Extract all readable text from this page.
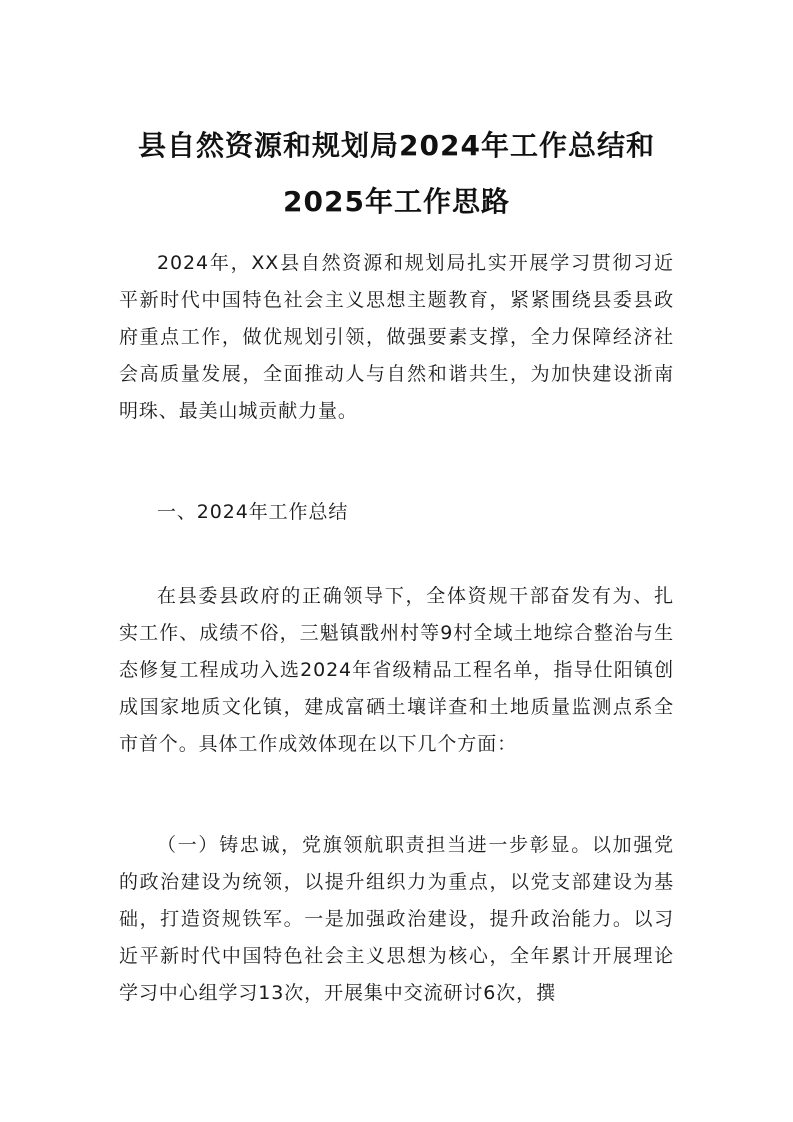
县自然资源和规划局2024年工作总结和
2025年工作思路

2024年，XX县自然资源和规划局扎实开展学习贯彻习近平新时代中国特色社会主义思想主题教育，紧紧围绕县委县政府重点工作，做优规划引领，做强要素支撑，全力保障经济社会高质量发展，全面推动人与自然和谐共生，为加快建设浙南明珠、最美山城贡献力量。

一、2024年工作总结

在县委县政府的正确领导下，全体资规干部奋发有为、扎实工作、成绩不俗，三魁镇戬州村等9村全域土地综合整治与生态修复工程成功入选2024年省级精品工程名单，指导仕阳镇创成国家地质文化镇，建成富硒土壤详查和土地质量监测点系全市首个。具体工作成效体现在以下几个方面：

（一）铸忠诚，党旗领航职责担当进一步彰显。以加强党的政治建设为统领，以提升组织力为重点，以党支部建设为基础，打造资规铁军。一是加强政治建设，提升政治能力。以习近平新时代中国特色社会主义思想为核心，全年累计开展理论学习中心组学习13次，开展集中交流研讨6次，撰
